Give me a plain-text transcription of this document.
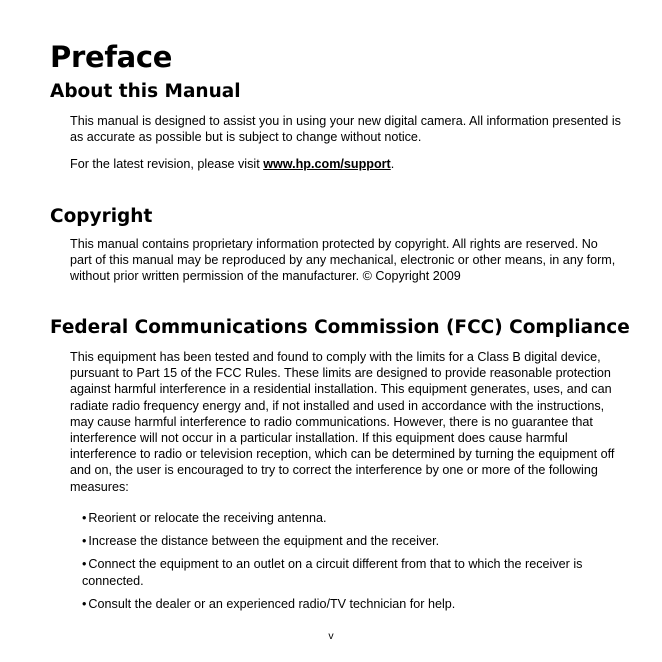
Preface
About this Manual

This manual is designed to assist you in using your new digital camera. All information presented is as accurate as possible but is subject to change without notice.

For the latest revision, please visit www.hp.com/support.

Copyright

This manual contains proprietary information protected by copyright. All rights are reserved. No part of this manual may be reproduced by any mechanical, electronic or other means, in any form, without prior written permission of the manufacturer. © Copyright 2009

Federal Communications Commission (FCC) Compliance

This equipment has been tested and found to comply with the limits for a Class B digital device, pursuant to Part 15 of the FCC Rules. These limits are designed to provide reasonable protection against harmful interference in a residential installation. This equipment generates, uses, and can radiate radio frequency energy and, if not installed and used in accordance with the instructions, may cause harmful interference to radio communications. However, there is no guarantee that interference will not occur in a particular installation. If this equipment does cause harmful interference to radio or television reception, which can be determined by turning the equipment off and on, the user is encouraged to try to correct the interference by one or more of the following measures:

• Reorient or relocate the receiving antenna.
• Increase the distance between the equipment and the receiver.
• Connect the equipment to an outlet on a circuit different from that to which the receiver is connected.
• Consult the dealer or an experienced radio/TV technician for help.
v
